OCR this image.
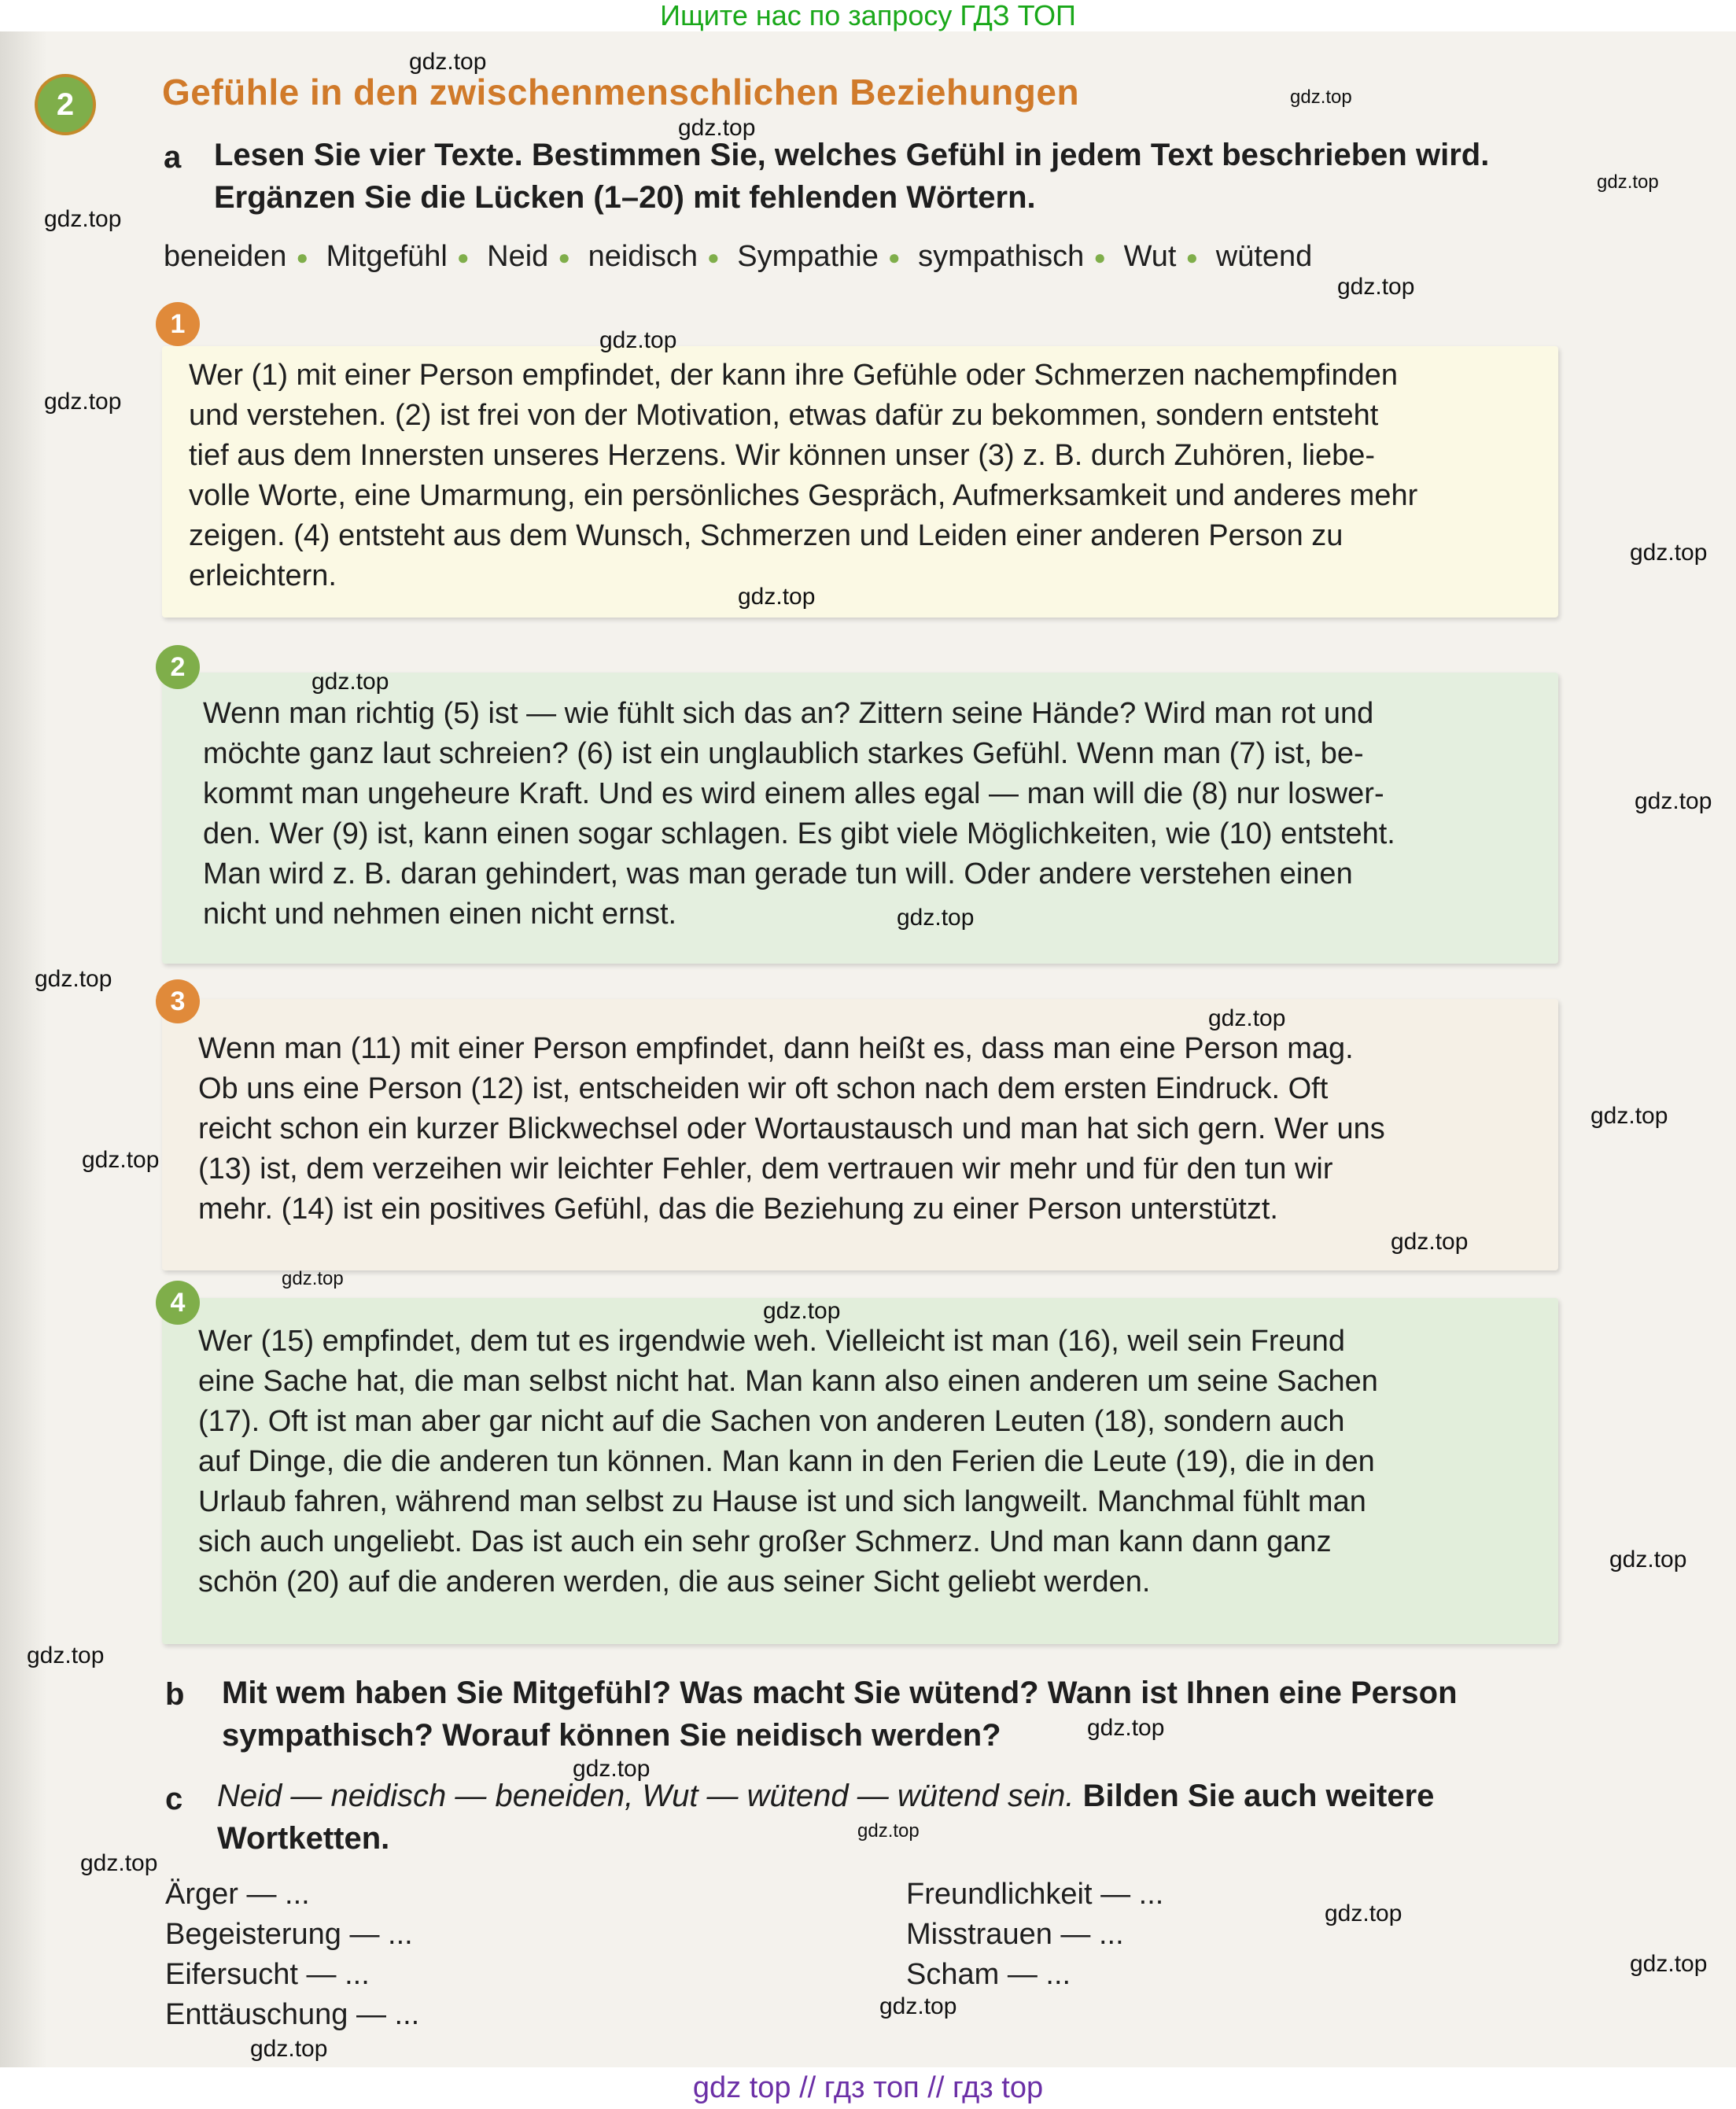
Ищите нас по запросу ГДЗ ТОП
2	Gefühle in den zwischenmenschlichen Beziehungen
a Lesen Sie vier Texte. Bestimmen Sie, welches Gefühl in jedem Text beschrieben wird.
Ergänzen Sie die Lücken (1–20) mit fehlenden Wörtern.
beneiden ● Mitgefühl ● Neid ● neidisch ● Sympathie ● sympathisch ● Wut ● wütend
1
Wer (1) mit einer Person empfindet, der kann ihre Gefühle oder Schmerzen nachempfinden
und verstehen. (2) ist frei von der Motivation, etwas dafür zu bekommen, sondern entsteht
tief aus dem Innersten unseres Herzens. Wir können unser (3) z. B. durch Zuhören, liebe-
volle Worte, eine Umarmung, ein persönliches Gespräch, Aufmerksamkeit und anderes mehr
zeigen. (4) entsteht aus dem Wunsch, Schmerzen und Leiden einer anderen Person zu
erleichtern.
2
Wenn man richtig (5) ist — wie fühlt sich das an? Zittern seine Hände? Wird man rot und
möchte ganz laut schreien? (6) ist ein unglaublich starkes Gefühl. Wenn man (7) ist, be-
kommt man ungeheure Kraft. Und es wird einem alles egal — man will die (8) nur loswer-
den. Wer (9) ist, kann einen sogar schlagen. Es gibt viele Möglichkeiten, wie (10) entsteht.
Man wird z. B. daran gehindert, was man gerade tun will. Oder andere verstehen einen
nicht und nehmen einen nicht ernst.
3
Wenn man (11) mit einer Person empfindet, dann heißt es, dass man eine Person mag.
Ob uns eine Person (12) ist, entscheiden wir oft schon nach dem ersten Eindruck. Oft
reicht schon ein kurzer Blickwechsel oder Wortaustausch und man hat sich gern. Wer uns
(13) ist, dem verzeihen wir leichter Fehler, dem vertrauen wir mehr und für den tun wir
mehr. (14) ist ein positives Gefühl, das die Beziehung zu einer Person unterstützt.
4
Wer (15) empfindet, dem tut es irgendwie weh. Vielleicht ist man (16), weil sein Freund
eine Sache hat, die man selbst nicht hat. Man kann also einen anderen um seine Sachen
(17). Oft ist man aber gar nicht auf die Sachen von anderen Leuten (18), sondern auch
auf Dinge, die die anderen tun können. Man kann in den Ferien die Leute (19), die in den
Urlaub fahren, während man selbst zu Hause ist und sich langweilt. Manchmal fühlt man
sich auch ungeliebt. Das ist auch ein sehr großer Schmerz. Und man kann dann ganz
schön (20) auf die anderen werden, die aus seiner Sicht geliebt werden.
b Mit wem haben Sie Mitgefühl? Was macht Sie wütend? Wann ist Ihnen eine Person
sympathisch? Worauf können Sie neidisch werden?
c Neid — neidisch — beneiden, Wut — wütend — wütend sein. Bilden Sie auch weitere
Wortketten.
Ärger — ...
Begeisterung — ...
Eifersucht — ...
Enttäuschung — ...
Freundlichkeit — ...
Misstrauen — ...
Scham — ...
gdz.top
gdz.top
gdz.top
gdz.top
gdz.top
gdz.top
gdz.top
gdz.top
gdz.top
gdz.top
gdz.top
gdz.top
gdz.top
gdz.top
gdz.top
gdz.top
gdz.top
gdz.top
gdz.top
gdz.top
gdz.top
gdz.top
gdz.top
gdz.top
gdz.top
gdz.top
gdz.top
gdz.top
gdz.top
gdz.top
gdz top // гдз топ // гдз top
